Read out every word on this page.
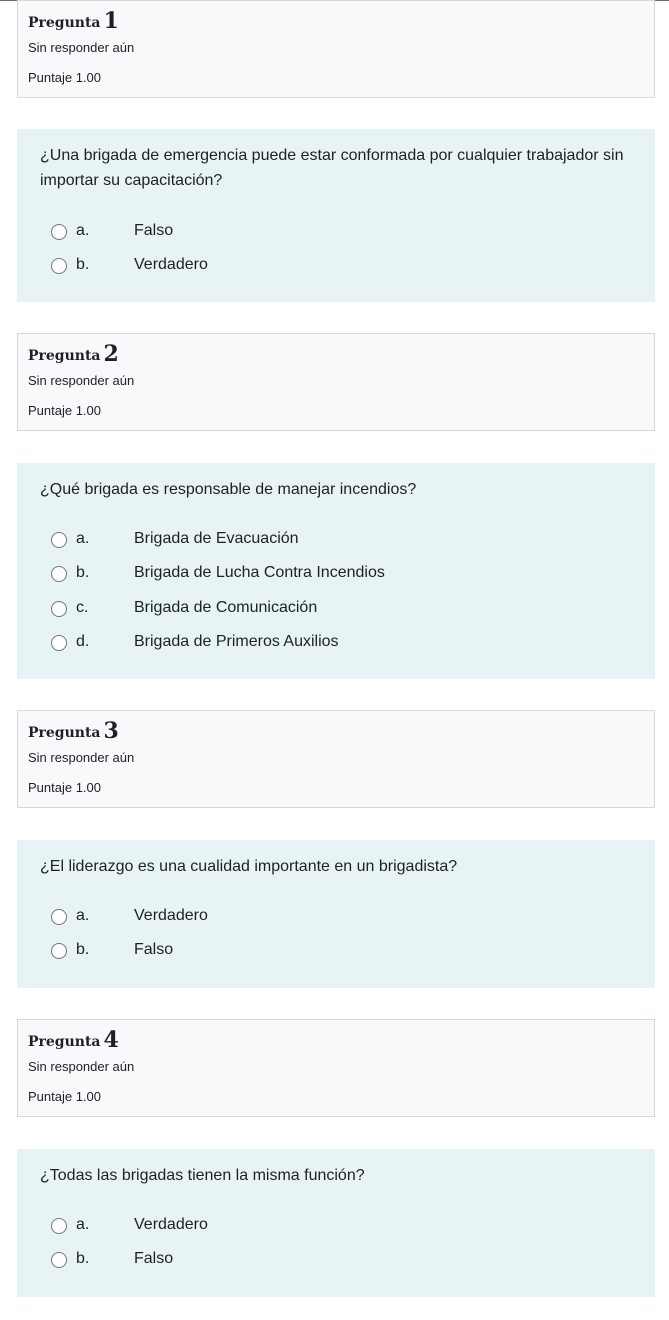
Pregunta 1
Sin responder aún
Puntaje 1.00
¿Una brigada de emergencia puede estar conformada por cualquier trabajador sin importar su capacitación?
a.	Falso
b.	Verdadero
Pregunta 2
Sin responder aún
Puntaje 1.00
¿Qué brigada es responsable de manejar incendios?
a.	Brigada de Evacuación
b.	Brigada de Lucha Contra Incendios
c.	Brigada de Comunicación
d.	Brigada de Primeros Auxilios
Pregunta 3
Sin responder aún
Puntaje 1.00
¿El liderazgo es una cualidad importante en un brigadista?
a.	Verdadero
b.	Falso
Pregunta 4
Sin responder aún
Puntaje 1.00
¿Todas las brigadas tienen la misma función?
a.	Verdadero
b.	Falso
